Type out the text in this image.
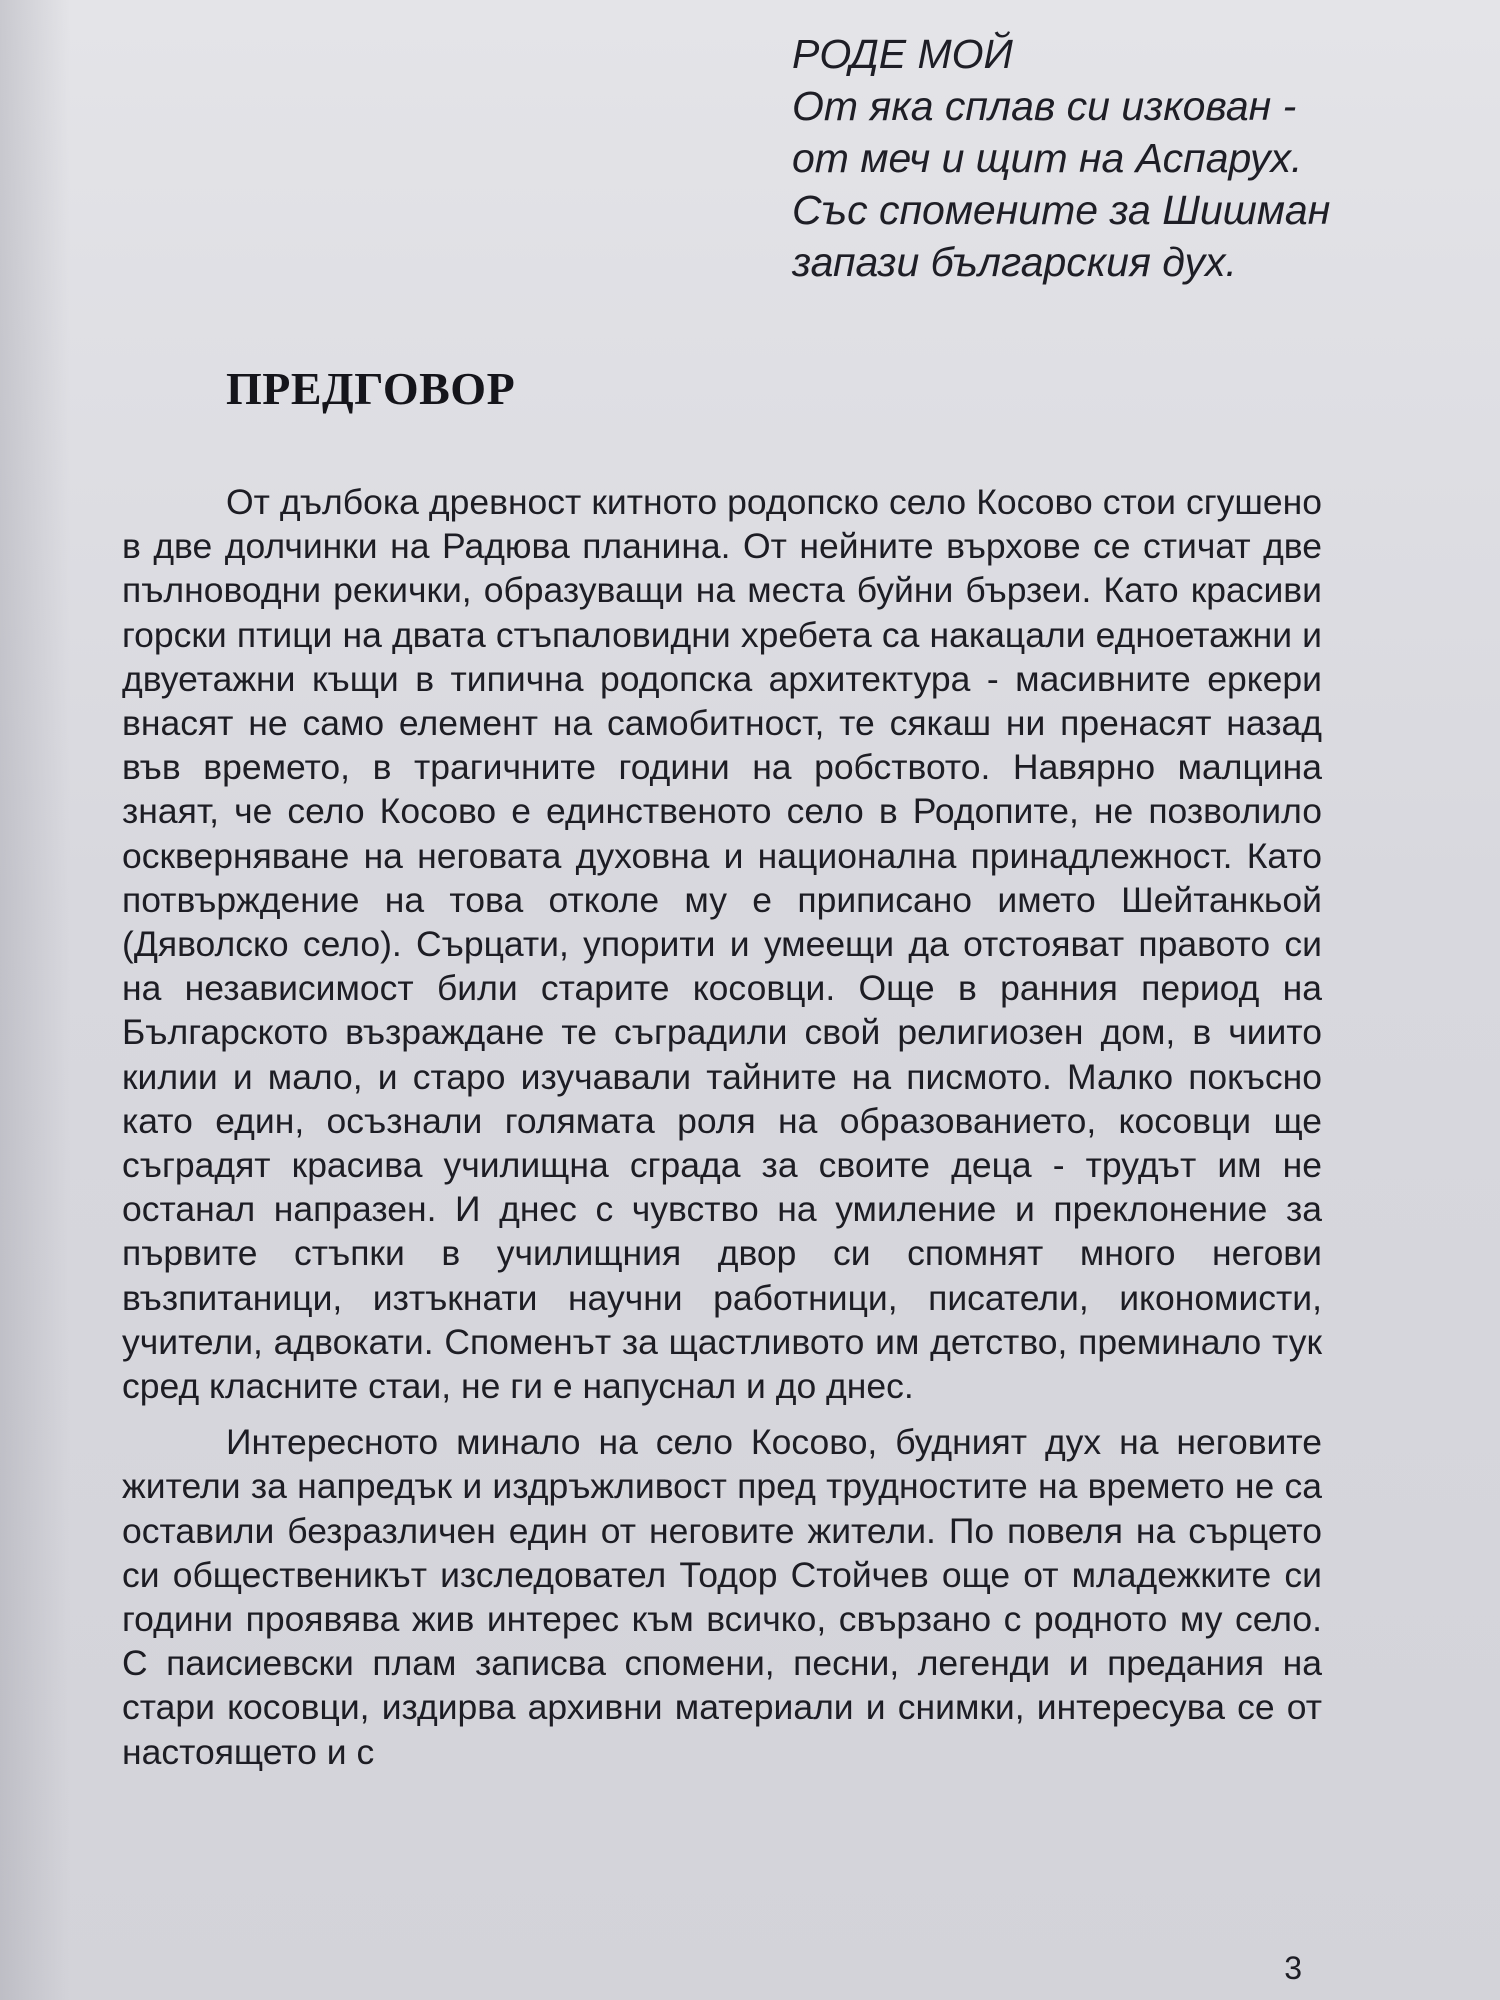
РОДЕ МОЙ
От яка сплав си изкован -
от меч и щит на Аспарух.
Със спомените за Шишман
запази българския дух.
ПРЕДГОВОР

От дълбока древност китното родопско село Косово стои сгушено в две долчинки на Радюва планина. От нейните върхове се стичат две пълноводни рекички, образуващи на места буйни бързеи. Като красиви горски птици на двата стъпаловидни хребета са накацали едноетажни и двуетажни къщи в типична родопска архитектура - масивните еркери внасят не само елемент на самобитност, те сякаш ни пренасят назад във времето, в трагичните години на робството. Навярно малцина знаят, че село Косово е единственото село в Родопите, не позволило оскверняване на неговата духовна и национална принадлежност. Като потвърждение на това отколе му е приписано името Шейтанкьой (Дяволско село). Сърцати, упорити и умеещи да отстояват правото си на независимост били старите косовци. Още в ранния период на Българското възраждане те съградили свой религиозен дом, в чиито килии и мало, и старо изучавали тайните на писмото. Малко покъсно като един, осъзнали голямата роля на образованието, косовци ще съградят красива училищна сграда за своите деца - трудът им не останал напразен. И днес с чувство на умиление и преклонение за първите стъпки в училищния двор си спомнят много негови възпитаници, изтъкнати научни работници, писатели, икономисти, учители, адвокати. Споменът за щастливото им детство, преминало тук сред класните стаи, не ги е напуснал и до днес.

Интересното минало на село Косово, будният дух на неговите жители за напредък и издръжливост пред трудностите на времето не са оставили безразличен един от неговите жители. По повеля на сърцето си общественикът изследовател Тодор Стойчев още от младежките си години проявява жив интерес към всичко, свързано с родното му село. С паисиевски плам записва спомени, песни, легенди и предания на стари косовци, издирва архивни материали и снимки, интересува се от настоящето и с

3
